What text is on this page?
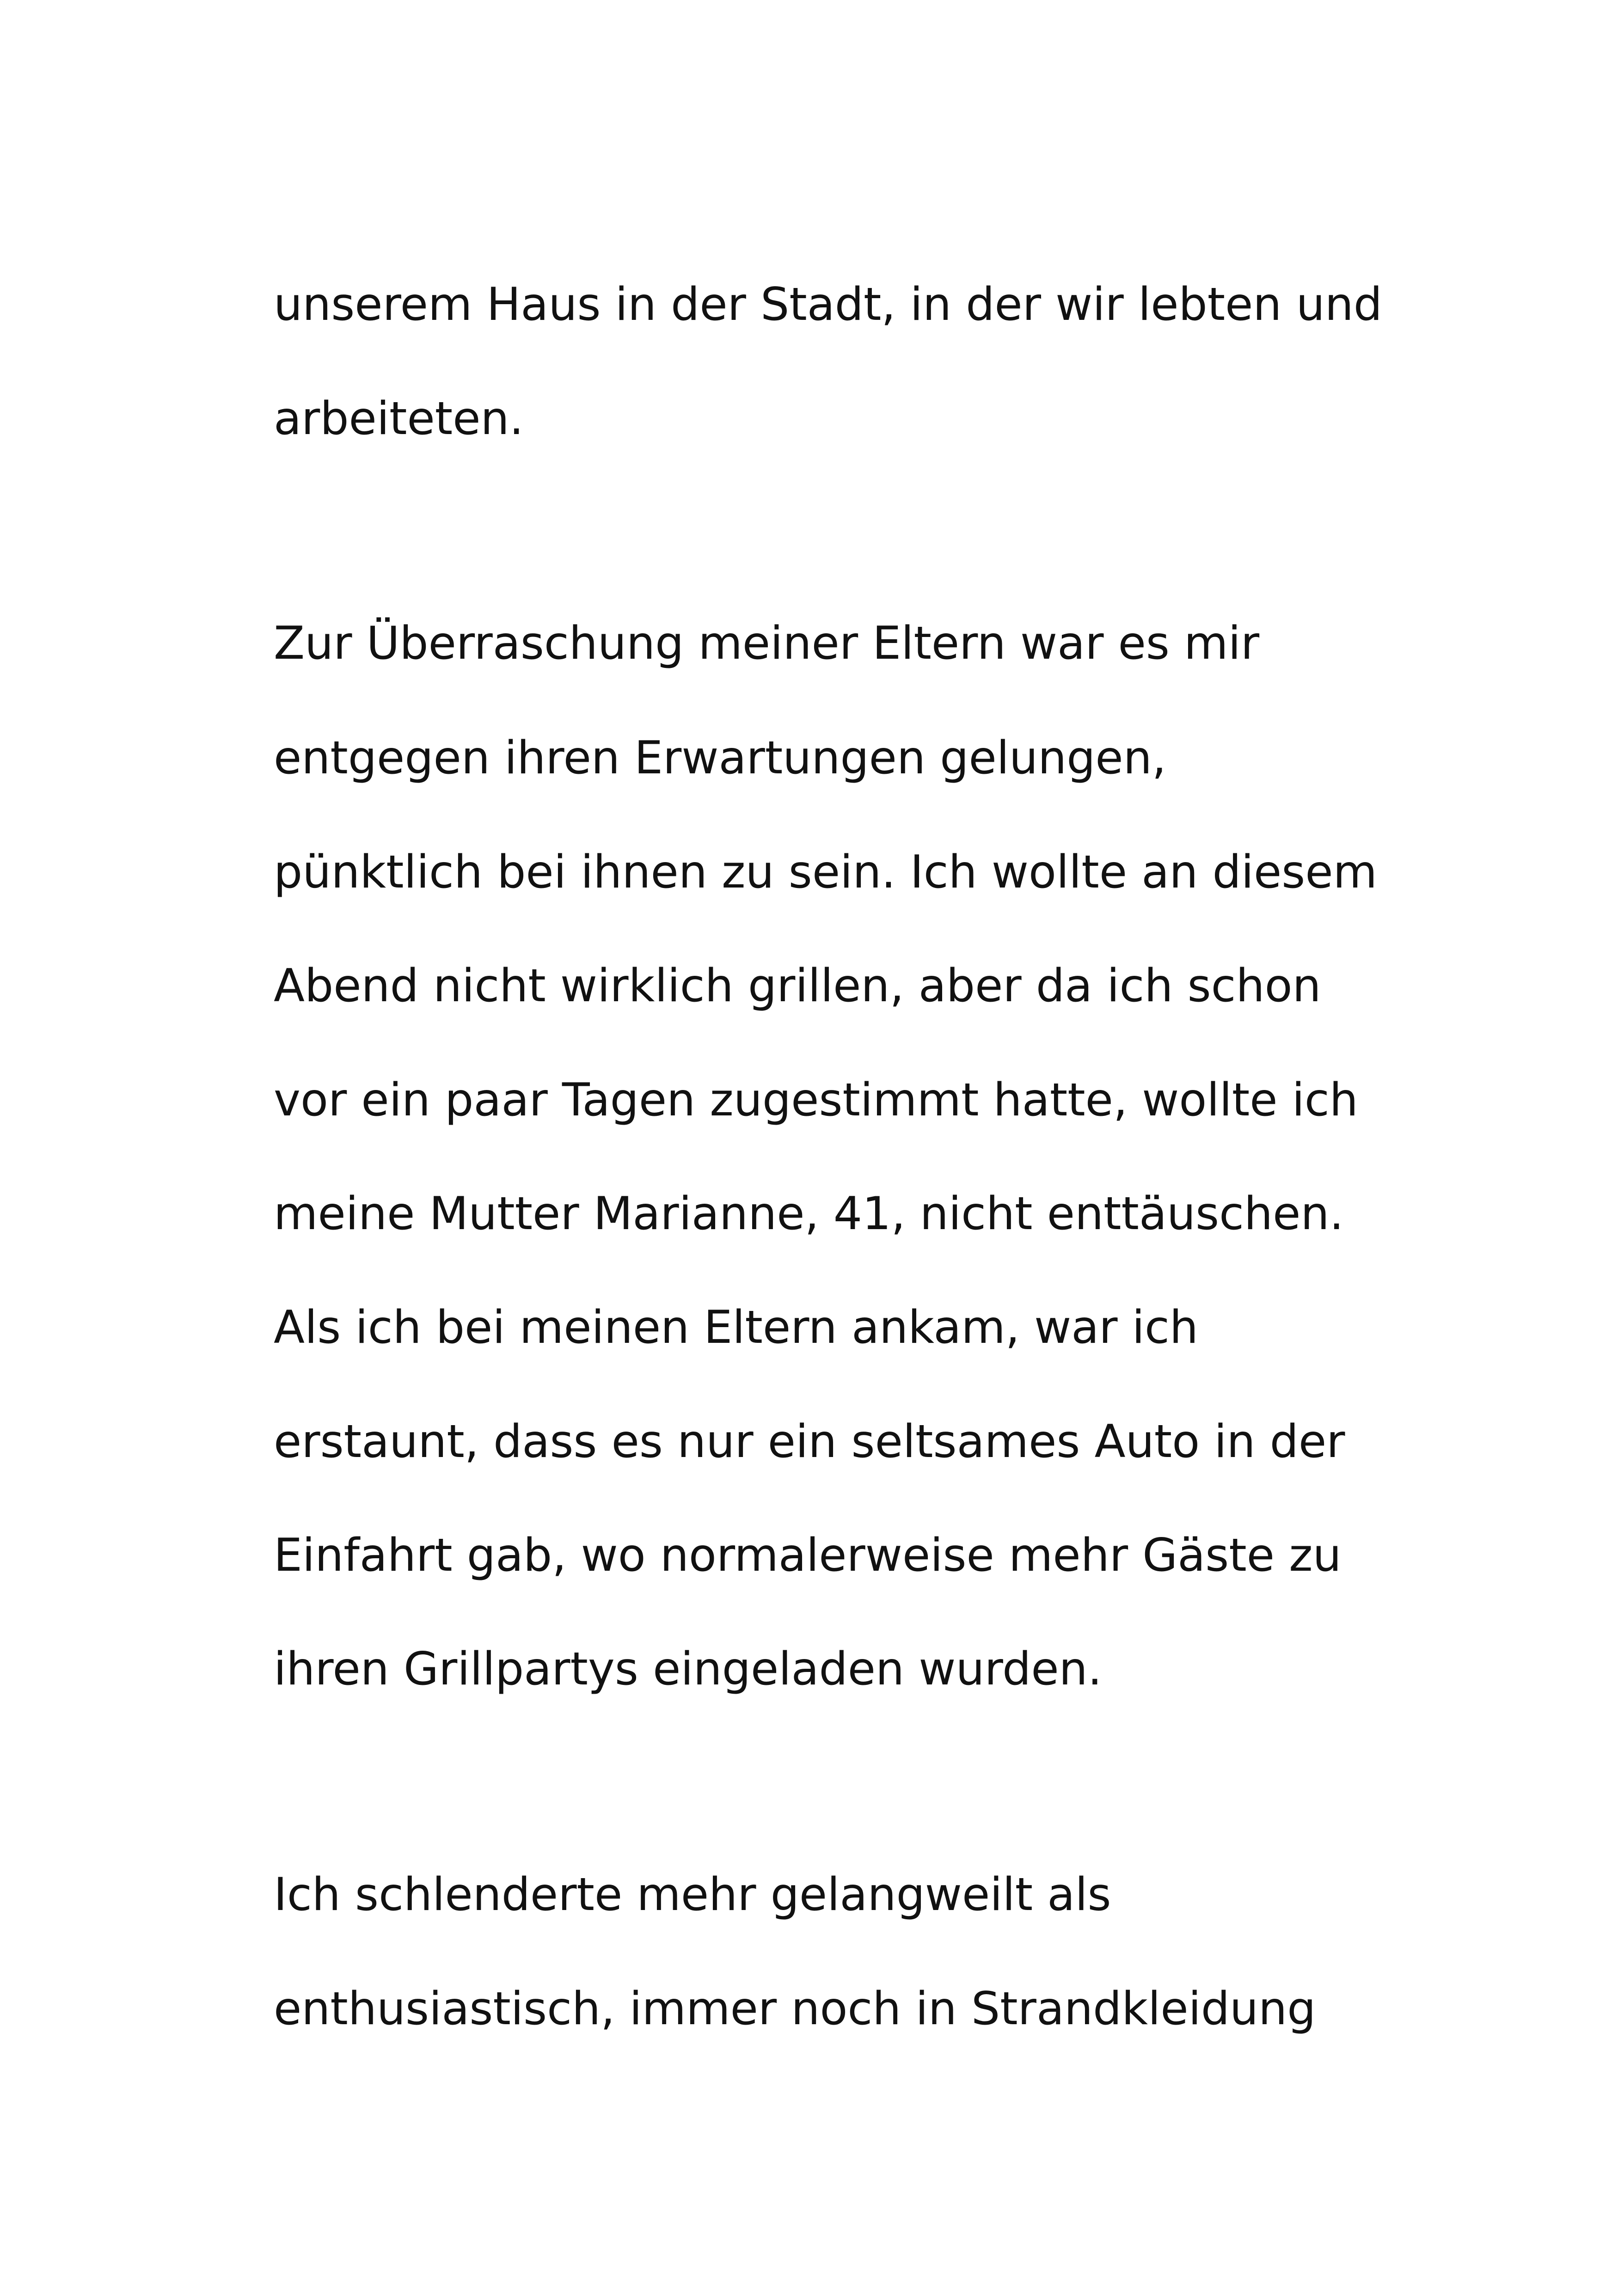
unserem Haus in der Stadt, in der wir lebten und
arbeiteten.
Zur Überraschung meiner Eltern war es mir
entgegen ihren Erwartungen gelungen,
pünktlich bei ihnen zu sein. Ich wollte an diesem
Abend nicht wirklich grillen, aber da ich schon
vor ein paar Tagen zugestimmt hatte, wollte ich
meine Mutter Marianne, 41, nicht enttäuschen.
Als ich bei meinen Eltern ankam, war ich
erstaunt, dass es nur ein seltsames Auto in der
Einfahrt gab, wo normalerweise mehr Gäste zu
ihren Grillpartys eingeladen wurden.
Ich schlenderte mehr gelangweilt als
enthusiastisch, immer noch in Strandkleidung
